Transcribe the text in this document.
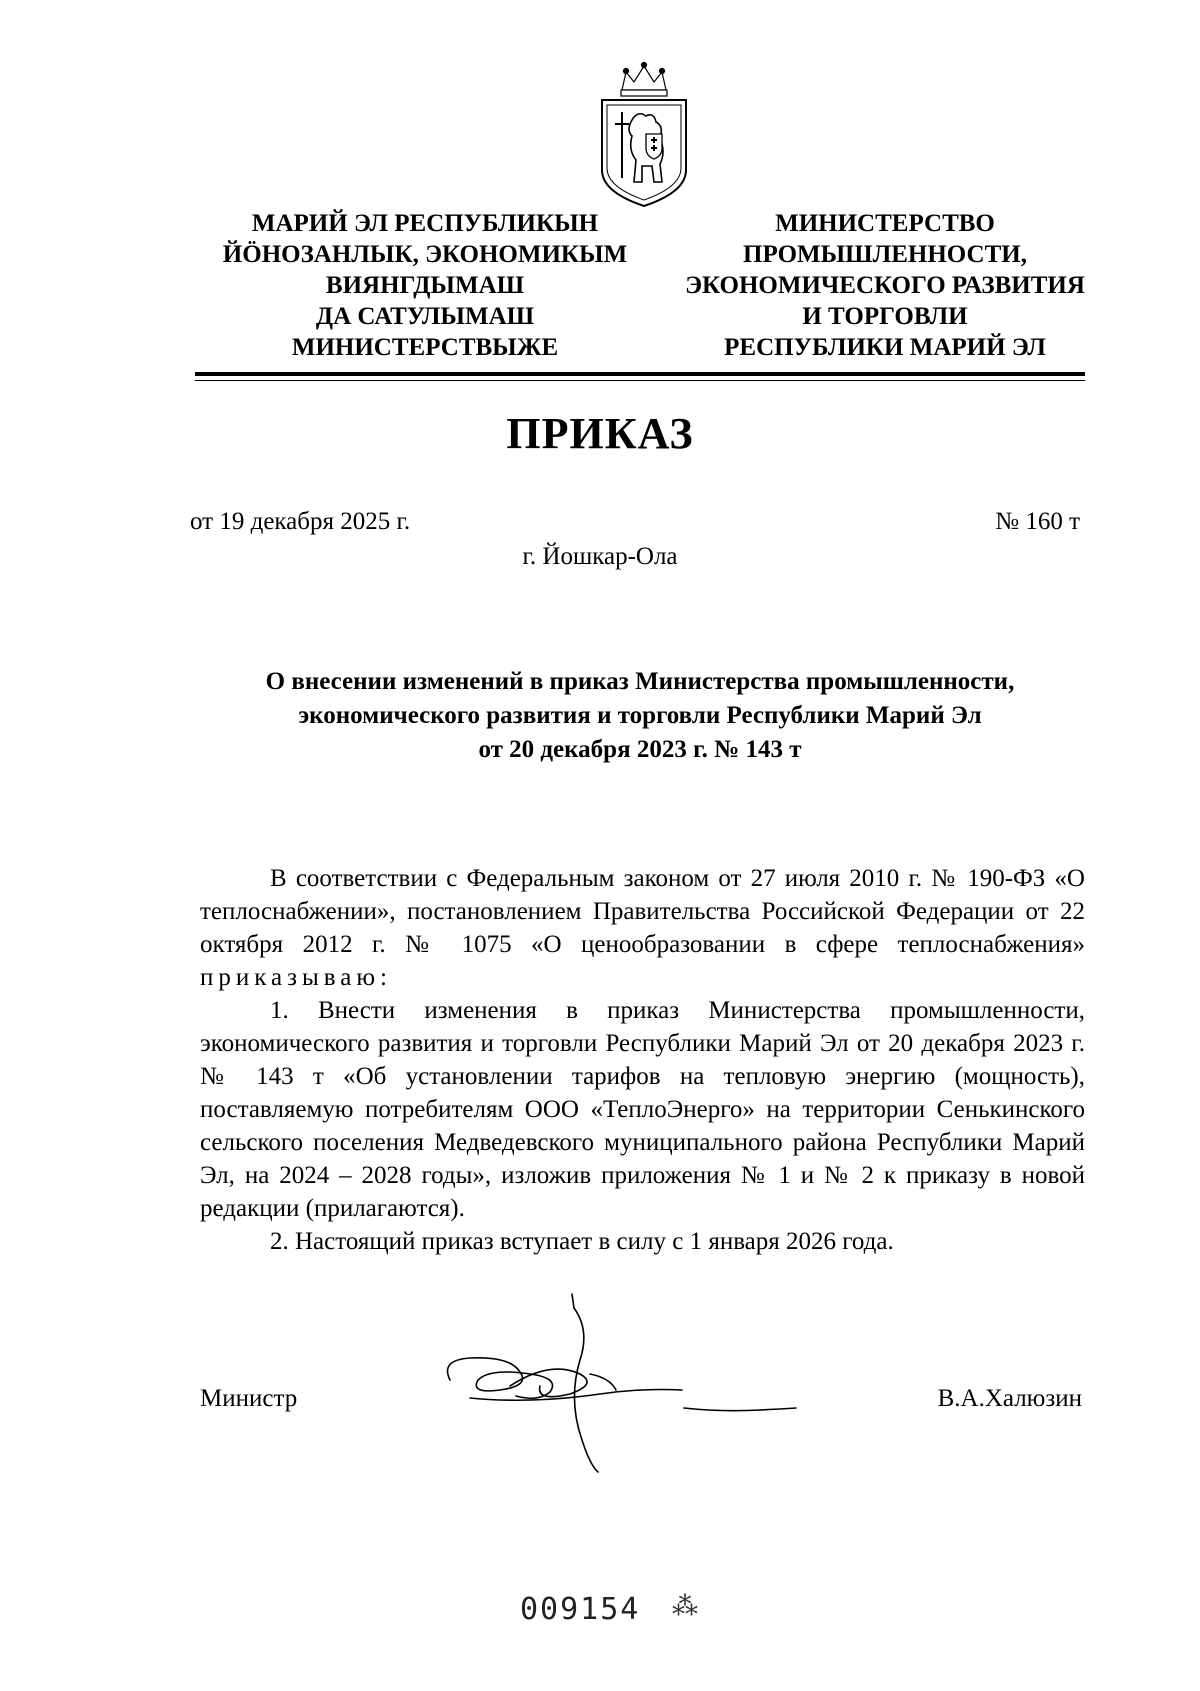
МАРИЙ ЭЛ РЕСПУБЛИКЫН
ЙӦНОЗАНЛЫК, ЭКОНОМИКЫМ
ВИЯНГДЫМАШ
ДА САТУЛЫМАШ
МИНИСТЕРСТВЫЖЕ
МИНИСТЕРСТВО
ПРОМЫШЛЕННОСТИ,
ЭКОНОМИЧЕСКОГО РАЗВИТИЯ
И ТОРГОВЛИ
РЕСПУБЛИКИ МАРИЙ ЭЛ
ПРИКАЗ
от 19 декабря 2025 г.	№ 160 т
г. Йошкар-Ола
О внесении изменений в приказ Министерства промышленности,
экономического развития и торговли Республики Марий Эл
от 20 декабря 2023 г. № 143 т

В соответствии с Федеральным законом от 27 июля 2010 г. № 190-ФЗ «О теплоснабжении», постановлением Правительства Российской Федерации от 22 октября 2012 г. № 1075 «О ценообразовании в сфере теплоснабжения» приказываю:

1. Внести изменения в приказ Министерства промышленности, экономического развития и торговли Республики Марий Эл от 20 декабря 2023 г. № 143 т «Об установлении тарифов на тепловую энергию (мощность), поставляемую потребителям ООО «ТеплоЭнерго» на территории Сенькинского сельского поселения Медведевского муниципального района Республики Марий Эл, на 2024 – 2028 годы», изложив приложения № 1 и № 2 к приказу в новой редакции (прилагаются).

2. Настоящий приказ вступает в силу с 1 января 2026 года.

Министр	В.А.Халюзин
009154 ⁂
